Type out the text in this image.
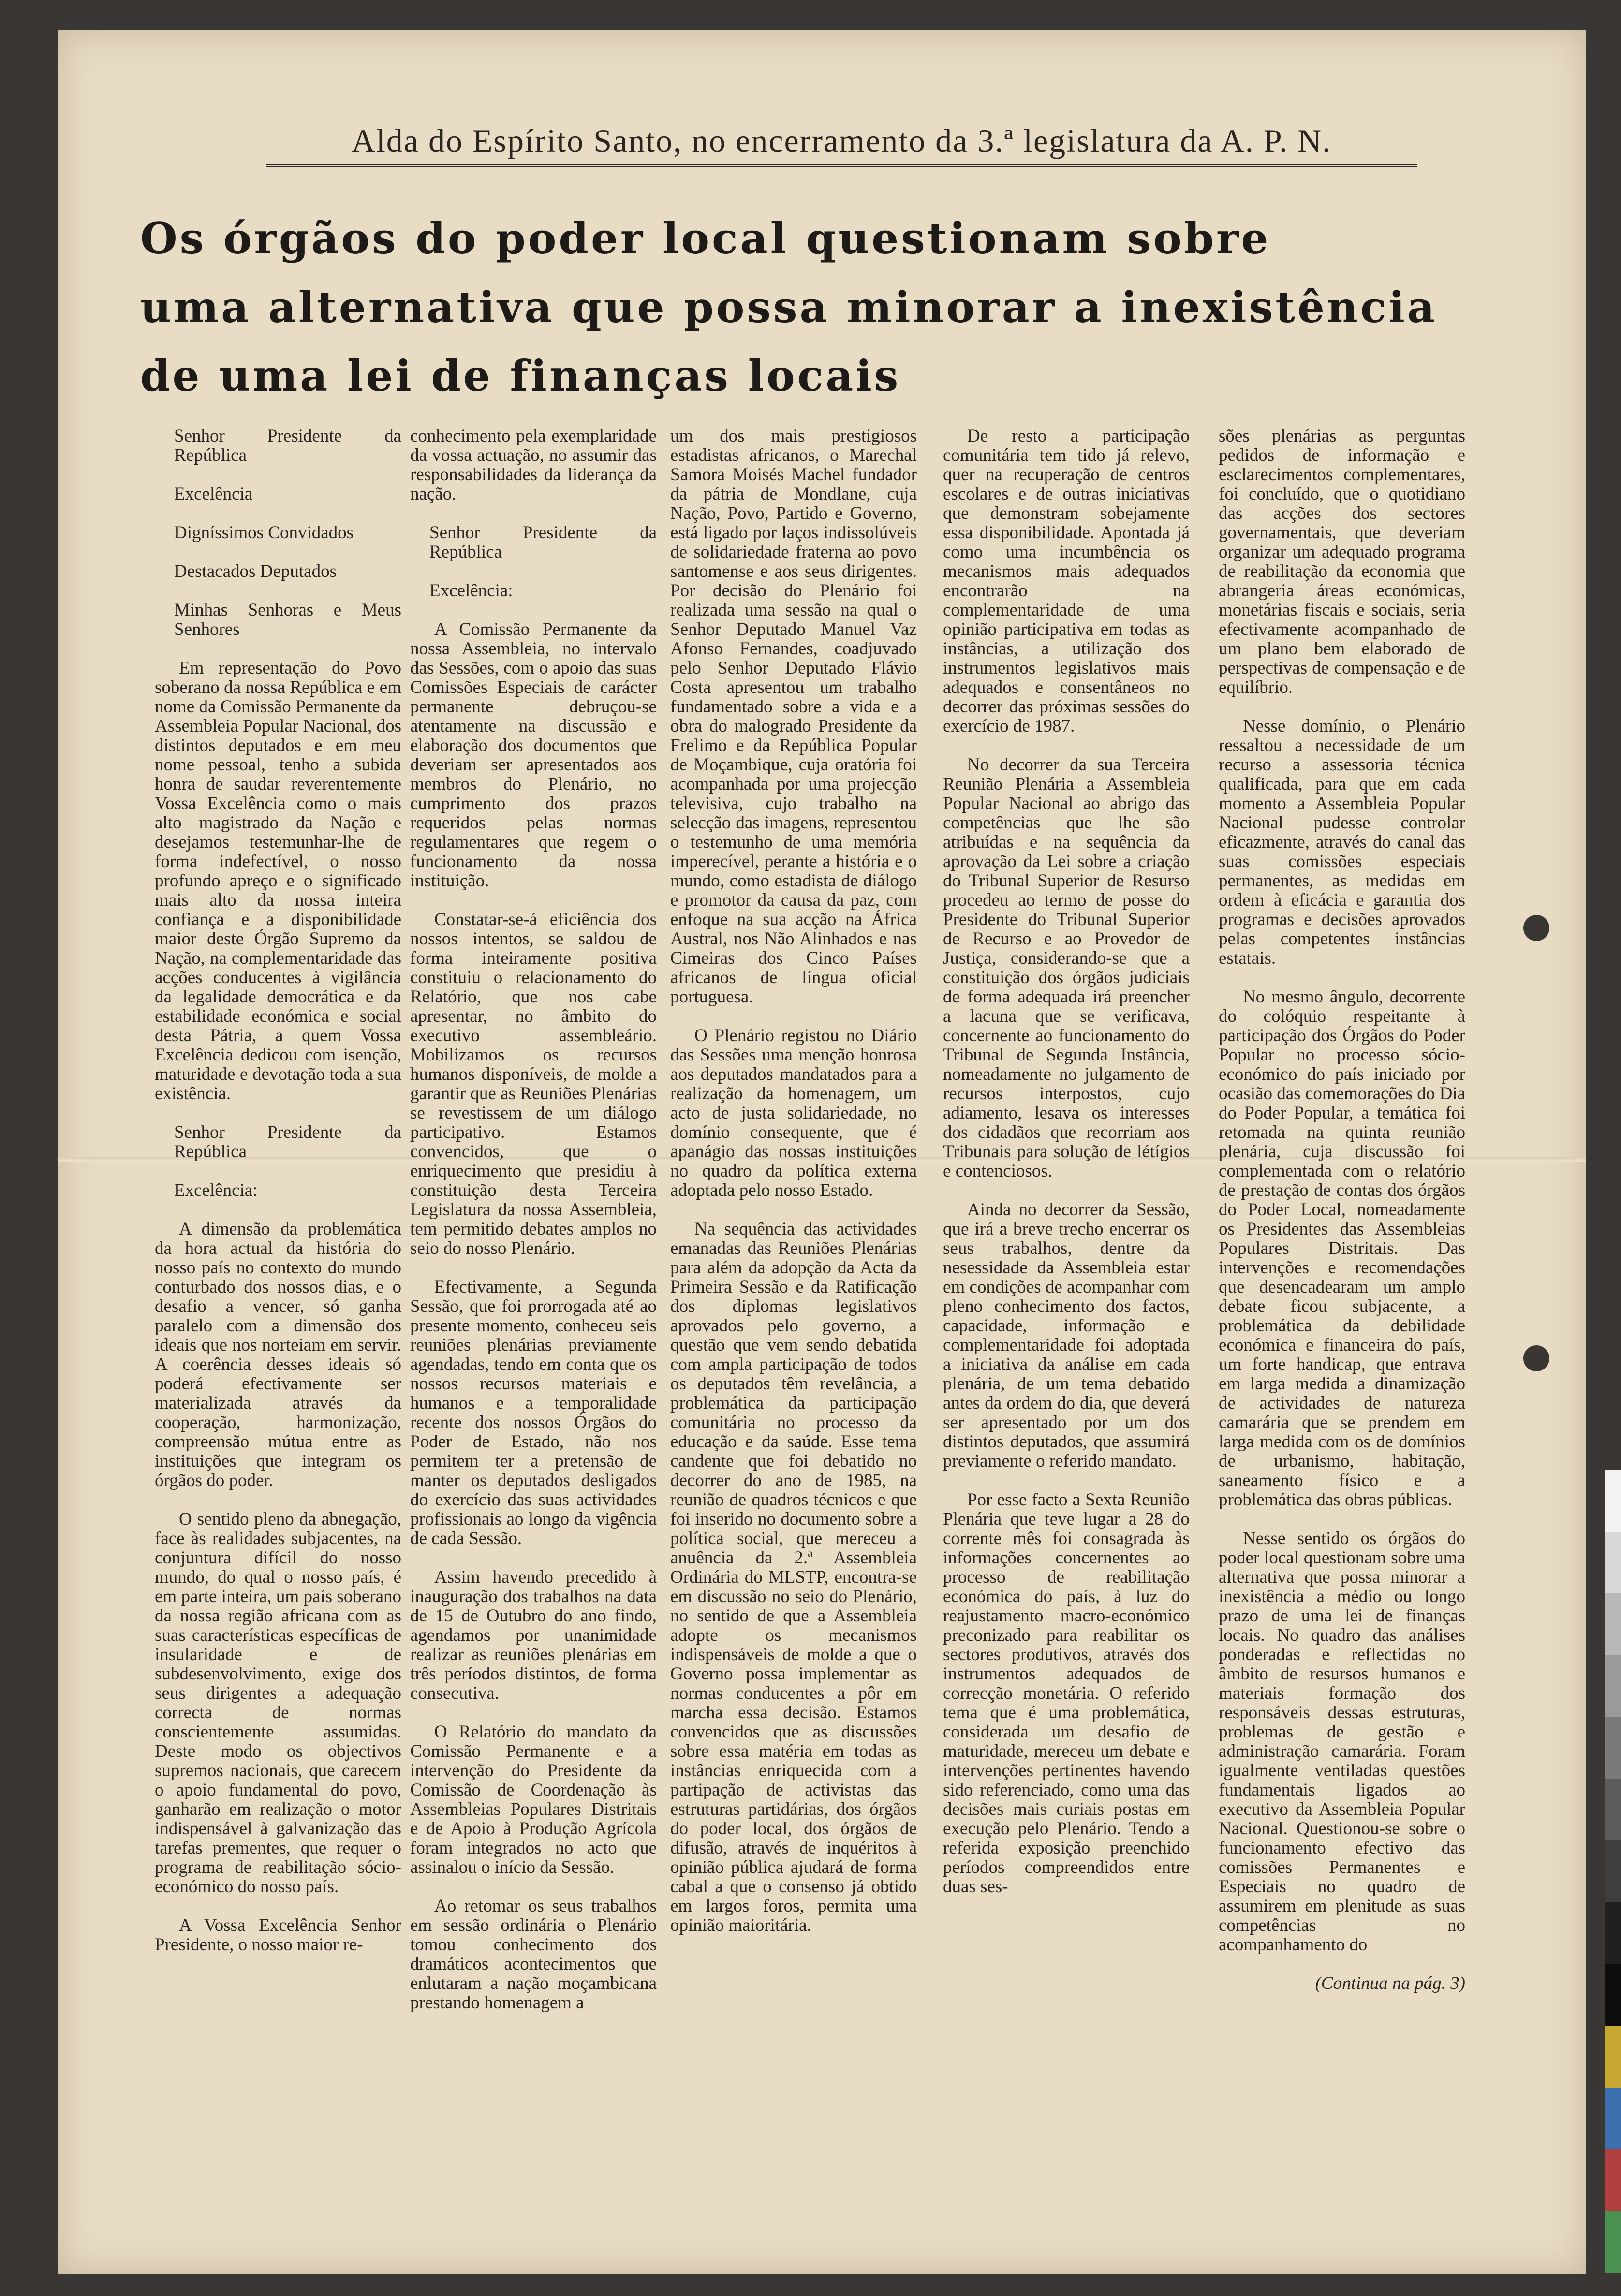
Alda do Espírito Santo, no encerramento da 3.ª legislatura da A. P. N.
Os órgãos do poder local questionam sobre
uma alternativa que possa minorar a inexistência
de uma lei de finanças locais

Senhor Presidente da República

Excelência

Digníssimos Convidados

Destacados Deputados

Minhas Senhoras e Meus Senhores

Em representação do Povo soberano da nossa República e em nome da Comissão Permanente da Assembleia Popular Nacional, dos distintos deputados e em meu nome pessoal, tenho a subida honra de saudar reverentemente Vossa Excelência como o mais alto magistrado da Nação e desejamos testemunhar-lhe de forma indefectível, o nosso profundo apreço e o significado mais alto da nossa inteira confiança e a disponibilidade maior deste Órgão Supremo da Nação, na complementaridade das acções conducentes à vigilância da legalidade democrática e da estabilidade económica e social desta Pátria, a quem Vossa Excelência dedicou com isenção, maturidade e devotação toda a sua existência.

Senhor Presidente da República

Excelência:

A dimensão da problemática da hora actual da história do nosso país no contexto do mundo conturbado dos nossos dias, e o desafio a vencer, só ganha paralelo com a dimensão dos ideais que nos norteiam em servir. A coerência desses ideais só poderá efectivamente ser materializada através da cooperação, harmonização, compreensão mútua entre as instituições que integram os órgãos do poder.

O sentido pleno da abnegação, face às realidades subjacentes, na conjuntura difícil do nosso mundo, do qual o nosso país, é em parte inteira, um país soberano da nossa região africana com as suas características específicas de insularidade e de subdesenvolvimento, exige dos seus dirigentes a adequação correcta de normas conscientemente assumidas. Deste modo os objectivos supremos nacionais, que carecem o apoio fundamental do povo, ganharão em realização o motor indispensável à galvanização das tarefas prementes, que requer o programa de reabilitação sócio-económico do nosso país.

A Vossa Excelência Senhor Presidente, o nosso maior re-

conhecimento pela exemplaridade da vossa actuação, no assumir das responsabilidades da liderança da nação.

Senhor Presidente da República

Excelência:

A Comissão Permanente da nossa Assembleia, no intervalo das Sessões, com o apoio das suas Comissões Especiais de carácter permanente debruçou-se atentamente na discussão e elaboração dos documentos que deveriam ser apresentados aos membros do Plenário, no cumprimento dos prazos requeridos pelas normas regulamentares que regem o funcionamento da nossa instituição.

Constatar-se-á eficiência dos nossos intentos, se saldou de forma inteiramente positiva constituiu o relacionamento do Relatório, que nos cabe apresentar, no âmbito do executivo assembleário. Mobilizamos os recursos humanos disponíveis, de molde a garantir que as Reuniões Plenárias se revestissem de um diálogo participativo. Estamos convencidos, que o enriquecimento que presidiu à constituição desta Terceira Legislatura da nossa Assembleia, tem permitido debates amplos no seio do nosso Plenário.

Efectivamente, a Segunda Sessão, que foi prorrogada até ao presente momento, conheceu seis reuniões plenárias previamente agendadas, tendo em conta que os nossos recursos materiais e humanos e a temporalidade recente dos nossos Órgãos do Poder de Estado, não nos permitem ter a pretensão de manter os deputados desligados do exercício das suas actividades profissionais ao longo da vigência de cada Sessão.

Assim havendo precedido à inauguração dos trabalhos na data de 15 de Outubro do ano findo, agendamos por unanimidade realizar as reuniões plenárias em três períodos distintos, de forma consecutiva.

O Relatório do mandato da Comissão Permanente e a intervenção do Presidente da Comissão de Coordenação às Assembleias Populares Distritais e de Apoio à Produção Agrícola foram integrados no acto que assinalou o início da Sessão.

Ao retomar os seus trabalhos em sessão ordinária o Plenário tomou conhecimento dos dramáticos acontecimentos que enlutaram a nação moçambicana prestando homenagem a

um dos mais prestigiosos estadistas africanos, o Marechal Samora Moisés Machel fundador da pátria de Mondlane, cuja Nação, Povo, Partido e Governo, está ligado por laços indissolúveis de solidariedade fraterna ao povo santomense e aos seus dirigentes. Por decisão do Plenário foi realizada uma sessão na qual o Senhor Deputado Manuel Vaz Afonso Fernandes, coadjuvado pelo Senhor Deputado Flávio Costa apresentou um trabalho fundamentado sobre a vida e a obra do malogrado Presidente da Frelimo e da República Popular de Moçambique, cuja oratória foi acompanhada por uma projecção televisiva, cujo trabalho na selecção das imagens, representou o testemunho de uma memória imperecível, perante a história e o mundo, como estadista de diálogo e promotor da causa da paz, com enfoque na sua acção na África Austral, nos Não Alinhados e nas Cimeiras dos Cinco Países africanos de língua oficial portuguesa.

O Plenário registou no Diário das Sessões uma menção honrosa aos deputados mandatados para a realização da homenagem, um acto de justa solidariedade, no domínio consequente, que é apanágio das nossas instituições no quadro da política externa adoptada pelo nosso Estado.

Na sequência das actividades emanadas das Reuniões Plenárias para além da adopção da Acta da Primeira Sessão e da Ratificação dos diplomas legislativos aprovados pelo governo, a questão que vem sendo debatida com ampla participação de todos os deputados têm revelância, a problemática da participação comunitária no processo da educação e da saúde. Esse tema candente que foi debatido no decorrer do ano de 1985, na reunião de quadros técnicos e que foi inserido no documento sobre a política social, que mereceu a anuência da 2.ª Assembleia Ordinária do MLSTP, encontra-se em discussão no seio do Plenário, no sentido de que a Assembleia adopte os mecanismos indispensáveis de molde a que o Governo possa implementar as normas conducentes a pôr em marcha essa decisão. Estamos convencidos que as discussões sobre essa matéria em todas as instâncias enriquecida com a partipação de activistas das estruturas partidárias, dos órgãos do poder local, dos órgãos de difusão, através de inquéritos à opinião pública ajudará de forma cabal a que o consenso já obtido em largos foros, permita uma opinião maioritária.

De resto a participação comunitária tem tido já relevo, quer na recuperação de centros escolares e de outras iniciativas que demonstram sobejamente essa disponibilidade. Apontada já como uma incumbência os mecanismos mais adequados encontrarão na complementaridade de uma opinião participativa em todas as instâncias, a utilização dos instrumentos legislativos mais adequados e consentâneos no decorrer das próximas sessões do exercício de 1987.

No decorrer da sua Terceira Reunião Plenária a Assembleia Popular Nacional ao abrigo das competências que lhe são atribuídas e na sequência da aprovação da Lei sobre a criação do Tribunal Superior de Resurso procedeu ao termo de posse do Presidente do Tribunal Superior de Recurso e ao Provedor de Justiça, considerando-se que a constituição dos órgãos judiciais de forma adequada irá preencher a lacuna que se verificava, concernente ao funcionamento do Tribunal de Segunda Instância, nomeadamente no julgamento de recursos interpostos, cujo adiamento, lesava os interesses dos cidadãos que recorriam aos Tribunais para solução de létígios e contenciosos.

Ainda no decorrer da Sessão, que irá a breve trecho encerrar os seus trabalhos, dentre da nesessidade da Assembleia estar em condições de acompanhar com pleno conhecimento dos factos, capacidade, informação e complementaridade foi adoptada a iniciativa da análise em cada plenária, de um tema debatido antes da ordem do dia, que deverá ser apresentado por um dos distintos deputados, que assumirá previamente o referido mandato.

Por esse facto a Sexta Reunião Plenária que teve lugar a 28 do corrente mês foi consagrada às informações concernentes ao processo de reabilitação económica do país, à luz do reajustamento macro-económico preconizado para reabilitar os sectores produtivos, através dos instrumentos adequados de correcção monetária. O referido tema que é uma problemática, considerada um desafio de maturidade, mereceu um debate e intervenções pertinentes havendo sido referenciado, como uma das decisões mais curiais postas em execução pelo Plenário. Tendo a referida exposição preenchido períodos compreendidos entre duas ses-

sões plenárias as perguntas pedidos de informação e esclarecimentos complementares, foi concluído, que o quotidiano das acções dos sectores governamentais, que deveriam organizar um adequado programa de reabilitação da economia que abrangeria áreas económicas, monetárias fiscais e sociais, seria efectivamente acompanhado de um plano bem elaborado de perspectivas de compensação e de equilíbrio.

Nesse domínio, o Plenário ressaltou a necessidade de um recurso a assessoria técnica qualificada, para que em cada momento a Assembleia Popular Nacional pudesse controlar eficazmente, através do canal das suas comissões especiais permanentes, as medidas em ordem à eficácia e garantia dos programas e decisões aprovados pelas competentes instâncias estatais.

No mesmo ângulo, decorrente do colóquio respeitante à participação dos Órgãos do Poder Popular no processo sócio-económico do país iniciado por ocasião das comemorações do Dia do Poder Popular, a temática foi retomada na quinta reunião plenária, cuja discussão foi complementada com o relatório de prestação de contas dos órgãos do Poder Local, nomeadamente os Presidentes das Assembleias Populares Distritais. Das intervenções e recomendações que desencadearam um amplo debate ficou subjacente, a problemática da debilidade económica e financeira do país, um forte handicap, que entrava em larga medida a dinamização de actividades de natureza camarária que se prendem em larga medida com os de domínios de urbanismo, habitação, saneamento físico e a problemática das obras públicas.

Nesse sentido os órgãos do poder local questionam sobre uma alternativa que possa minorar a inexistência a médio ou longo prazo de uma lei de finanças locais. No quadro das análises ponderadas e reflectidas no âmbito de resursos humanos e materiais formação dos responsáveis dessas estruturas, problemas de gestão e administração camarária. Foram igualmente ventiladas questões fundamentais ligados ao executivo da Assembleia Popular Nacional. Questionou-se sobre o funcionamento efectivo das comissões Permanentes e Especiais no quadro de assumirem em plenitude as suas competências no acompanhamento do

(Continua na pág. 3)
